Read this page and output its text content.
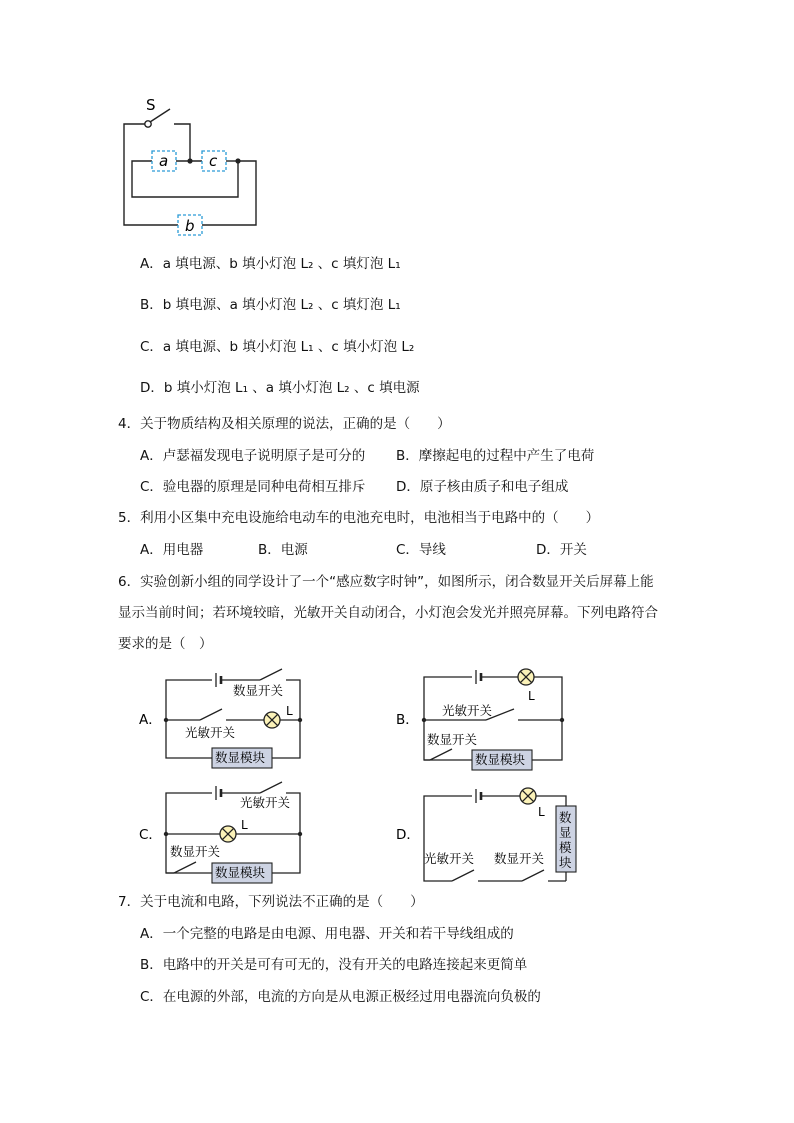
S
a	c
b
A．a 填电源、b 填小灯泡 L₂ 、c 填灯泡 L₁
B．b 填电源、a 填小灯泡 L₂ 、c 填灯泡 L₁
C．a 填电源、b 填小灯泡 L₁ 、c 填小灯泡 L₂
D．b 填小灯泡 L₁ 、a 填小灯泡 L₂ 、c 填电源
4．关于物质结构及相关原理的说法，正确的是（　　）
A．卢瑟福发现电子说明原子是可分的 B．摩擦起电的过程中产生了电荷
C．验电器的原理是同种电荷相互排斥 D．原子核由质子和电子组成
5．利用小区集中充电设施给电动车的电池充电时，电池相当于电路中的（　　）
A．用电器	B．电源	C．导线	D．开关
6．实验创新小组的同学设计了一个“感应数字时钟”，如图所示，闭合数显开关后屏幕上能
显示当前时间；若环境较暗，光敏开关自动闭合，小灯泡会发光并照亮屏幕。下列电路符合
要求的是（　）
A．
数显开关
L
光敏开关
数显模块
B．
L
光敏开关
数显开关
数显模块
C．
光敏开关
L
数显开关
数显模块
D．
L
光敏开关 数显开关
数
显
模
块
7．关于电流和电路，下列说法不正确的是（　　）
A．一个完整的电路是由电源、用电器、开关和若干导线组成的
B．电路中的开关是可有可无的，没有开关的电路连接起来更简单
C．在电源的外部，电流的方向是从电源正极经过用电器流向负极的
